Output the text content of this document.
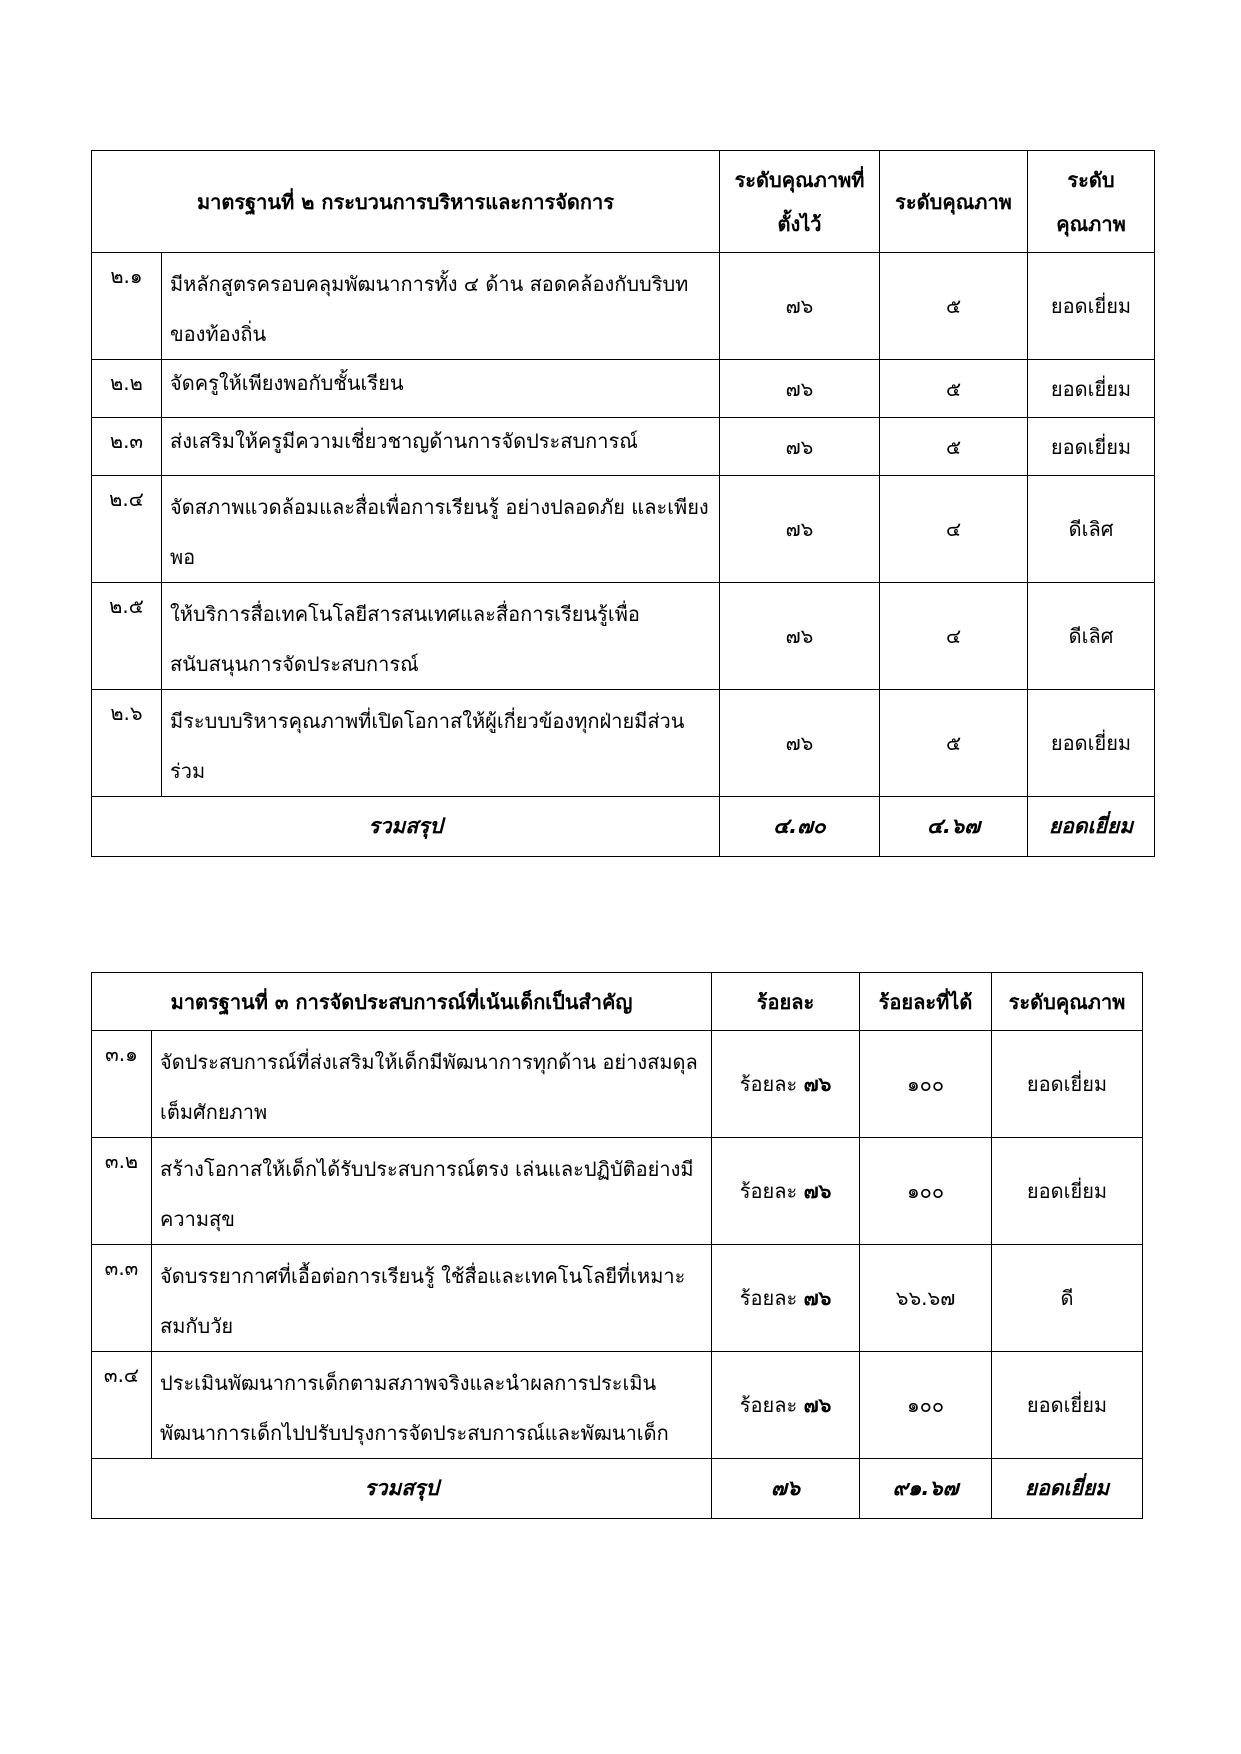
มาตรฐานที่ ๒ กระบวนการบริหารและการจัดการ		ระดับคุณภาพที่ตั้งไว้	ระดับคุณภาพ	ระดับคุณภาพ
๒.๑	มีหลักสูตรครอบคลุมพัฒนาการทั้ง ๔ ด้าน สอดคล้องกับบริบทของท้องถิ่น	๗๖	๕	ยอดเยี่ยม
๒.๒	จัดครูให้เพียงพอกับชั้นเรียน	๗๖	๕	ยอดเยี่ยม
๒.๓	ส่งเสริมให้ครูมีความเชี่ยวชาญด้านการจัดประสบการณ์	๗๖	๕	ยอดเยี่ยม
๒.๔	จัดสภาพแวดล้อมและสื่อเพื่อการเรียนรู้ อย่างปลอดภัย และเพียงพอ	๗๖	๔	ดีเลิศ
๒.๕	ให้บริการสื่อเทคโนโลยีสารสนเทศและสื่อการเรียนรู้เพื่อสนับสนุนการจัดประสบการณ์	๗๖	๔	ดีเลิศ
๒.๖	มีระบบบริหารคุณภาพที่เปิดโอกาสให้ผู้เกี่ยวข้องทุกฝ่ายมีส่วนร่วม	๗๖	๕	ยอดเยี่ยม
รวมสรุป		๔.๗๐	๔.๖๗	ยอดเยี่ยม
มาตรฐานที่ ๓ การจัดประสบการณ์ที่เน้นเด็กเป็นสำคัญ		ร้อยละ	ร้อยละที่ได้	ระดับคุณภาพ
๓.๑	จัดประสบการณ์ที่ส่งเสริมให้เด็กมีพัฒนาการทุกด้าน อย่างสมดุลเต็มศักยภาพ	ร้อยละ ๗๖	๑๐๐	ยอดเยี่ยม
๓.๒	สร้างโอกาสให้เด็กได้รับประสบการณ์ตรง เล่นและปฏิบัติอย่างมีความสุข	ร้อยละ ๗๖	๑๐๐	ยอดเยี่ยม
๓.๓	จัดบรรยากาศที่เอื้อต่อการเรียนรู้ ใช้สื่อและเทคโนโลยีที่เหมาะสมกับวัย	ร้อยละ ๗๖	๖๖.๖๗	ดี
๓.๔	ประเมินพัฒนาการเด็กตามสภาพจริงและนำผลการประเมินพัฒนาการเด็กไปปรับปรุงการจัดประสบการณ์และพัฒนาเด็ก	ร้อยละ ๗๖	๑๐๐	ยอดเยี่ยม
รวมสรุป		๗๖	๙๑.๖๗	ยอดเยี่ยม
